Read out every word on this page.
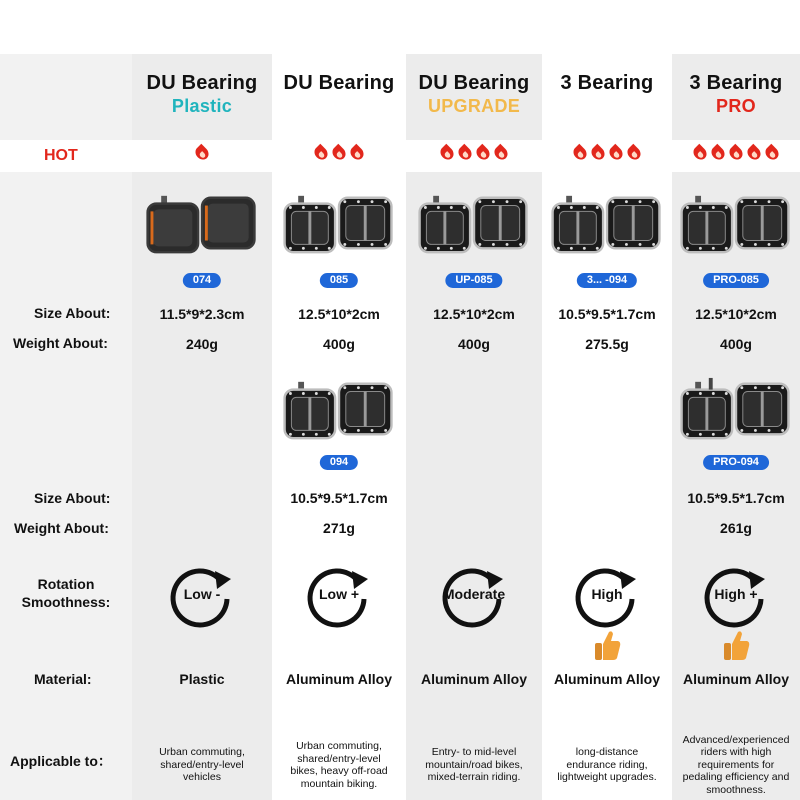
HOT
Size About:
Weight About:
Size About:
Weight About:
Rotation
Smoothness:
Material:
Applicable to：
DU Bearing
Plastic
074
11.5*9*2.3cm
240g
Low -
Plastic
Urban commuting,
shared/entry-level
vehicles
DU Bearing
085
12.5*10*2cm
400g
094
10.5*9.5*1.7cm
271g
Low +
Aluminum Alloy
Urban commuting,
shared/entry-level
bikes, heavy off-road
mountain biking.
DU Bearing
UPGRADE
UP-085
12.5*10*2cm
400g
Moderate
Aluminum Alloy
Entry- to mid-level
mountain/road bikes,
mixed-terrain riding.
3 Bearing
3... -094
10.5*9.5*1.7cm
275.5g
High
Aluminum Alloy
long-distance
endurance riding,
lightweight upgrades.
3 Bearing
PRO
PRO-085
12.5*10*2cm
400g
PRO-094
10.5*9.5*1.7cm
261g
High +
Aluminum Alloy
Advanced/experienced
riders with high
requirements for
pedaling efficiency and
smoothness.
